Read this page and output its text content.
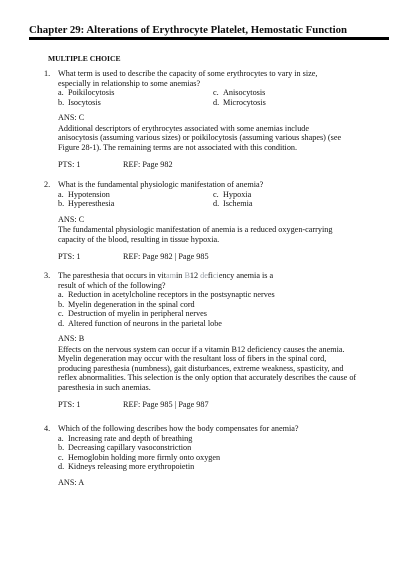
Chapter 29: Alterations of Erythrocyte Platelet, Hemostatic Function
MULTIPLE CHOICE
1. What term is used to describe the capacity of some erythrocytes to vary in size,
especially in relationship to some anemias?
a. Poikilocytosis	c. Anisocytosis
b. Isocytosis	d. Microcytosis
ANS: C
Additional descriptors of erythrocytes associated with some anemias include
anisocytosis (assuming various sizes) or poikilocytosis (assuming various shapes) (see
Figure 28-1). The remaining terms are not associated with this condition.
PTS: 1	REF: Page 982
2. What is the fundamental physiologic manifestation of anemia?
a. Hypotension	c. Hypoxia
b. Hyperesthesia	d. Ischemia
ANS: C
The fundamental physiologic manifestation of anemia is a reduced oxygen-carrying
capacity of the blood, resulting in tissue hypoxia.
PTS: 1	REF: Page 982 | Page 985
3. The paresthesia that occurs in vitamin B12 deficiency anemia is a
result of which of the following?
a. Reduction in acetylcholine receptors in the postsynaptic nerves
b. Myelin degeneration in the spinal cord
c. Destruction of myelin in peripheral nerves
d. Altered function of neurons in the parietal lobe
ANS: B
Effects on the nervous system can occur if a vitamin B12 deficiency causes the anemia.
Myelin degeneration may occur with the resultant loss of fibers in the spinal cord,
producing paresthesia (numbness), gait disturbances, extreme weakness, spasticity, and
reflex abnormalities. This selection is the only option that accurately describes the cause of
paresthesia in such anemias.
PTS: 1	REF: Page 985 | Page 987
4. Which of the following describes how the body compensates for anemia?
a. Increasing rate and depth of breathing
b. Decreasing capillary vasoconstriction
c. Hemoglobin holding more firmly onto oxygen
d. Kidneys releasing more erythropoietin
ANS: A
